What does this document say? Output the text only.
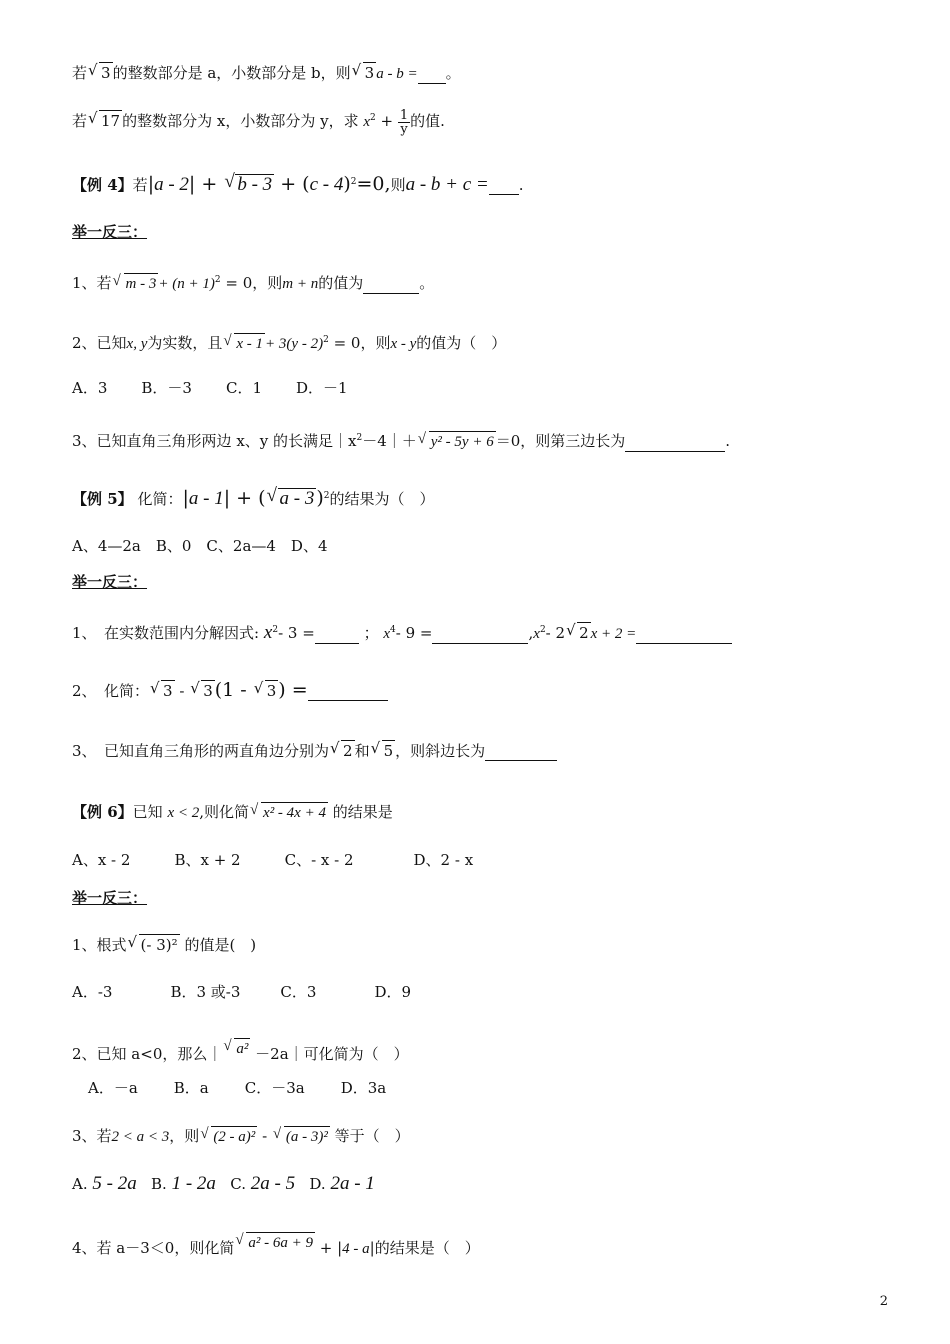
若√ 3 的整数部分是 a，小数部分是 b，则√ 3 a - b = 。
若√ 17 的整数部分为 x，小数部分为 y，求 $x^2 + \frac{1}{y}$ 的值.
【例 4】若|a - 2| + √ b - 3 + (c - 4)$^2$=0,则a - b + c = .
举一反三：
1、若√ $m - 3 + (n + 1)^2 = 0$，则m + n的值为	。
2、已知x, y为实数，且√ x - 1 + 3(y - 2)$^2$ = 0，则x - y的值为（　）
A．3 B．－3 C．1 D．－1
3、已知直角三角形两边 x、y 的长满足$|x^2-4|+√$ y² - 5y + 6 ＝0，则第三边长为	.
【例 5】 化简：|a - 1| + (√ a - 3 )$^2$的结果为（　）
A、4—2a　B、0　C、2a—4　D、4
举一反三：
1、　在实数范围内分解因式: $x^2-$ 3 =	； $x^4-$ 9 =	$,x^2-$ 2√ 2 x + 2 =
2、　化简：√ 3 - √ 3 (1 - √ 3 ) =
3、　已知直角三角形的两直角边分别为√ 2 和√ 5 ，则斜边长为
【例 6】已知 x < 2,则化简√ x² - 4x + 4 的结果是
A、x - 2	B、x + 2	C、- x - 2	D、2 - x
举一反三：
1、根式√ (- 3)² 的值是(　)
A．-3	B．3 或-3	C．3	D．9
2、已知 a<0，那么｜√ a² －2a｜可化简为（　）
A．－a B．a C．－3a D．3a
3、若2 < a < 3，则√ (2 - a)² - √ (a - 3)² 等于（　）
A. 5 - 2a B. 1 - 2a C. 2a - 5 D. 2a - 1
4、若 a－3＜0，则化简√ a² - 6a + 9 + |4 - a|的结果是（　）
2
